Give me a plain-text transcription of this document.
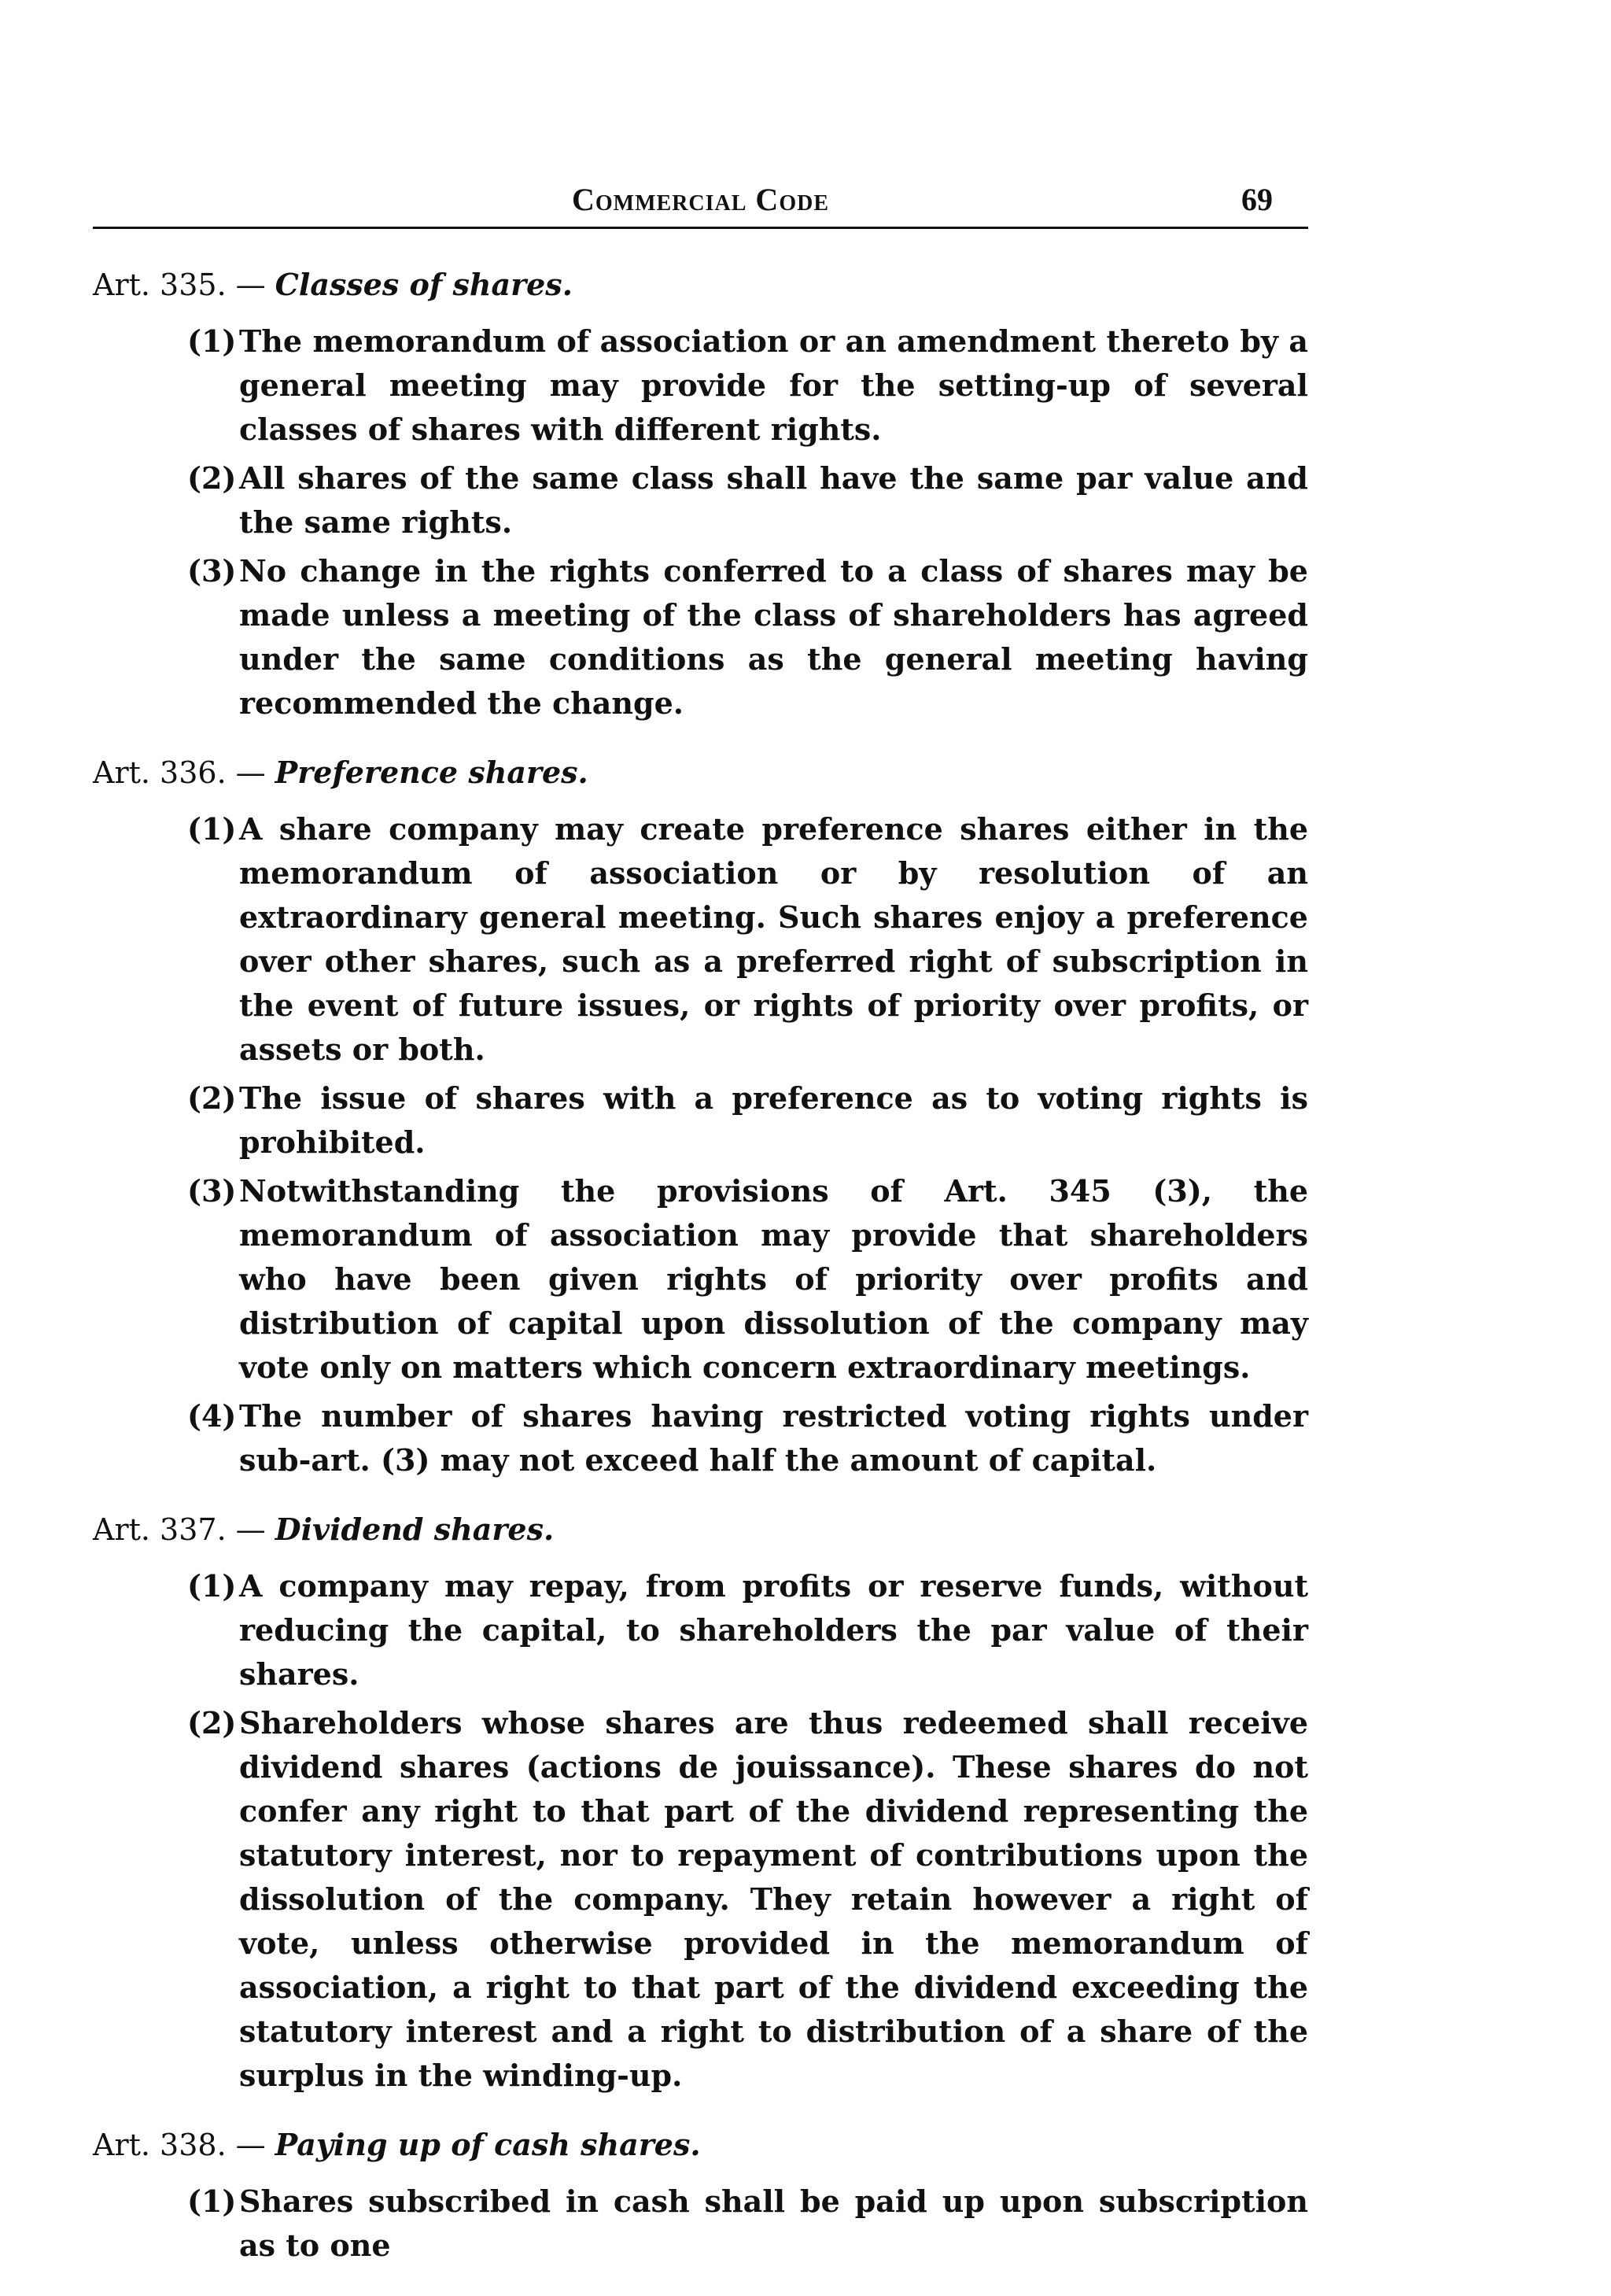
Commercial Code	69
Art. 335. — Classes of shares.
(1) The memorandum of association or an amendment thereto by a general meeting may provide for the setting-up of several classes of shares with different rights.

(2) All shares of the same class shall have the same par value and the same rights.

(3) No change in the rights conferred to a class of shares may be made unless a meeting of the class of shareholders has agreed under the same conditions as the general meeting having recommended the change.

Art. 336. — Preference shares.
(1) A share company may create preference shares either in the memorandum of association or by resolution of an extraordinary general meeting. Such shares enjoy a preference over other shares, such as a preferred right of subscription in the event of future issues, or rights of priority over profits, or assets or both.

(2) The issue of shares with a preference as to voting rights is prohibited.

(3) Notwithstanding the provisions of Art. 345 (3), the memorandum of association may provide that shareholders who have been given rights of priority over profits and distribution of capital upon dissolution of the company may vote only on matters which concern extraordinary meetings.

(4) The number of shares having restricted voting rights under sub-art. (3) may not exceed half the amount of capital.

Art. 337. — Dividend shares.
(1) A company may repay, from profits or reserve funds, without reducing the capital, to shareholders the par value of their shares.

(2) Shareholders whose shares are thus redeemed shall receive dividend shares (actions de jouissance). These shares do not confer any right to that part of the dividend representing the statutory interest, nor to repayment of contributions upon the dissolution of the company. They retain however a right of vote, unless otherwise provided in the memorandum of association, a right to that part of the dividend exceeding the statutory interest and a right to distribution of a share of the surplus in the winding-up.

Art. 338. — Paying up of cash shares.
(1) Shares subscribed in cash shall be paid up upon subscription as to one
